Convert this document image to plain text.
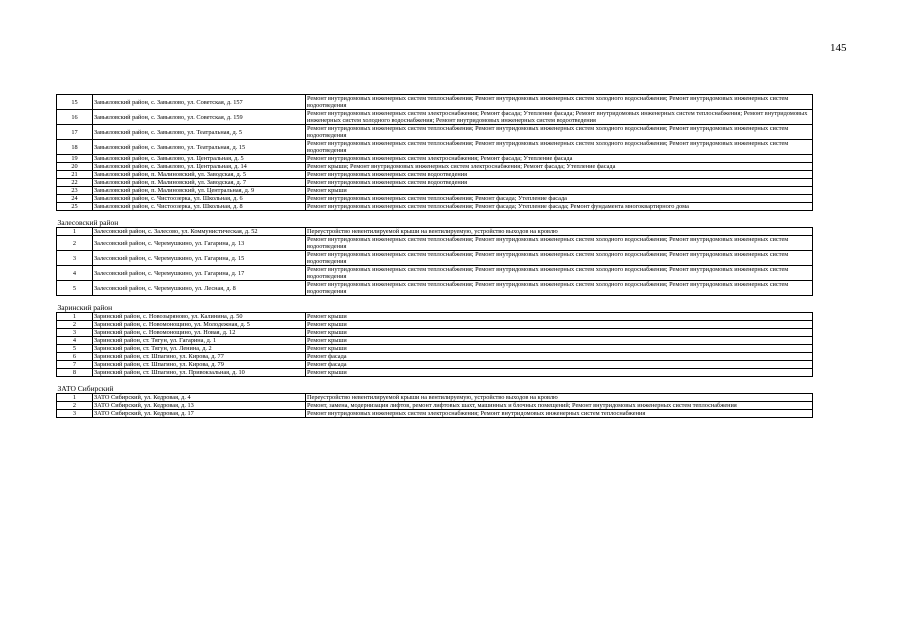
145
15	Завьяловский район, с. Завьялово, ул. Советская, д. 157	Ремонт внутридомовых инженерных систем теплоснабжения; Ремонт внутридомовых инженерных систем холодного водоснабжения; Ремонт внутридомовых инженерных систем водоотведения
16	Завьяловский район, с. Завьялово, ул. Советская, д. 159	Ремонт внутридомовых инженерных систем электроснабжения; Ремонт фасада; Утепление фасада; Ремонт внутридомовых инженерных систем теплоснабжения; Ремонт внутридомовых инженерных систем холодного водоснабжения; Ремонт внутридомовых инженерных систем водоотведения
17	Завьяловский район, с. Завьялово, ул. Театральная, д. 5	Ремонт внутридомовых инженерных систем теплоснабжения; Ремонт внутридомовых инженерных систем холодного водоснабжения; Ремонт внутридомовых инженерных систем водоотведения
18	Завьяловский район, с. Завьялово, ул. Театральная, д. 15	Ремонт внутридомовых инженерных систем теплоснабжения; Ремонт внутридомовых инженерных систем холодного водоснабжения; Ремонт внутридомовых инженерных систем водоотведения
19	Завьяловский район, с. Завьялово, ул. Центральная, д. 5	Ремонт внутридомовых инженерных систем электроснабжения; Ремонт фасада; Утепление фасада
20	Завьяловский район, с. Завьялово, ул. Центральная, д. 14	Ремонт крыши; Ремонт внутридомовых инженерных систем электроснабжения; Ремонт фасада; Утепление фасада
21	Завьяловский район, п. Малиновский, ул. Заводская, д. 5	Ремонт внутридомовых инженерных систем водоотведения
22	Завьяловский район, п. Малиновский, ул. Заводская, д. 7	Ремонт внутридомовых инженерных систем водоотведения
23	Завьяловский район, п. Малиновский, ул. Центральная, д. 9	Ремонт крыши
24	Завьяловский район, с. Чистоозерка, ул. Школьная, д. 6	Ремонт внутридомовых инженерных систем теплоснабжения; Ремонт фасада; Утепление фасада
25	Завьяловский район, с. Чистоозерка, ул. Школьная, д. 8	Ремонт внутридомовых инженерных систем теплоснабжения; Ремонт фасада; Утепление фасада; Ремонт фундамента многоквартирного дома
Залесовский район		
1	Залесовский район, с. Залесово, ул. Коммунистическая, д. 52	Переустройство невентилируемой крыши на вентилируемую, устройство выходов на кровлю
2	Залесовский район, с. Черемушкино, ул. Гагарина, д. 13	Ремонт внутридомовых инженерных систем теплоснабжения; Ремонт внутридомовых инженерных систем холодного водоснабжения; Ремонт внутридомовых инженерных систем водоотведения
3	Залесовский район, с. Черемушкино, ул. Гагарина, д. 15	Ремонт внутридомовых инженерных систем теплоснабжения; Ремонт внутридомовых инженерных систем холодного водоснабжения; Ремонт внутридомовых инженерных систем водоотведения
4	Залесовский район, с. Черемушкино, ул. Гагарина, д. 17	Ремонт внутридомовых инженерных систем теплоснабжения; Ремонт внутридомовых инженерных систем холодного водоснабжения; Ремонт внутридомовых инженерных систем водоотведения
5	Залесовский район, с. Черемушкино, ул. Лесная, д. 8	Ремонт внутридомовых инженерных систем теплоснабжения; Ремонт внутридомовых инженерных систем холодного водоснабжения; Ремонт внутридомовых инженерных систем водоотведения
Заринский район		
1	Заринский район, с. Новозыряново, ул. Калинина, д. 50	Ремонт крыши
2	Заринский район, с. Новомонощино, ул. Молодежная, д. 5	Ремонт крыши
3	Заринский район, с. Новомонощино, ул. Новая, д. 12	Ремонт крыши
4	Заринский район, ст. Тягун, ул. Гагарина, д. 1	Ремонт крыши
5	Заринский район, ст. Тягун, ул. Ленина, д. 2	Ремонт крыши
6	Заринский район, ст. Шпагино, ул. Кирова, д. 77	Ремонт фасада
7	Заринский район, ст. Шпагино, ул. Кирова, д. 79	Ремонт фасада
8	Заринский район, ст. Шпагино, ул. Привокзальная, д. 10	Ремонт крыши
ЗАТО Сибирский		
1	ЗАТО Сибирский, ул. Кедровая, д. 4	Переустройство невентилируемой крыши на вентилируемую, устройство выходов на кровлю
2	ЗАТО Сибирский, ул. Кедровая, д. 13	Ремонт, замена, модернизация лифтов, ремонт лифтовых шахт, машинных и блочных помещений; Ремонт внутридомовых инженерных систем теплоснабжения
3	ЗАТО Сибирский, ул. Кедровая, д. 17	Ремонт внутридомовых инженерных систем электроснабжения; Ремонт внутридомовых инженерных систем теплоснабжения
